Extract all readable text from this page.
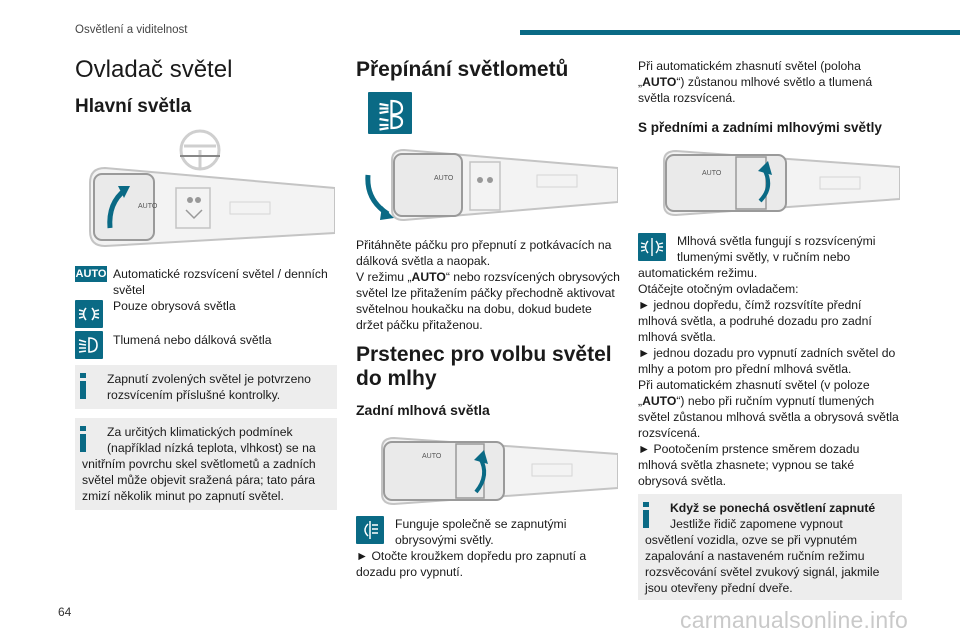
Osvětlení a viditelnost
Ovladač světel
Hlavní světla
AUTO
AUTO Automatické rozsvícení světel / denních
světel
Pouze obrysová světla
Tlumená nebo dálková světla
Zapnutí zvolených světel je potvrzeno
rozsvícením příslušné kontrolky.
Za určitých klimatických podmínek
(například nízká teplota, vlhkost) se na
vnitřním povrchu skel světlometů a zadních
světel může objevit sražená pára; tato pára
zmizí několik minut po zapnutí světel.
Přepínání světlometů
AUTO
Přitáhněte páčku pro přepnutí z potkávacích na
dálková světla a naopak.
V režimu „AUTO“ nebo rozsvícených obrysových
světel lze přitažením páčky přechodně aktivovat
světelnou houkačku na dobu, dokud budete
držet páčku přitaženou.
Prstenec pro volbu světel
do mlhy
Zadní mlhová světla
AUTO
Funguje společně se zapnutými
obrysovými světly.
► Otočte kroužkem dopředu pro zapnutí a
dozadu pro vypnutí.
Při automatickém zhasnutí světel (poloha
„AUTO“) zůstanou mlhové světlo a tlumená
světla rozsvícená.
S předními a zadními mlhovými světly
AUTO
Mlhová světla fungují s rozsvícenými
tlumenými světly, v ručním nebo
automatickém režimu.
Otáčejte otočným ovladačem:
► jednou dopředu, čímž rozsvítíte přední
mlhová světla, a podruhé dozadu pro zadní
mlhová světla.
► jednou dozadu pro vypnutí zadních světel do
mlhy a potom pro přední mlhová světla.
Při automatickém zhasnutí světel (v poloze
„AUTO“) nebo při ručním vypnutí tlumených
světel zůstanou mlhová světla a obrysová světla
rozsvícená.
► Pootočením prstence směrem dozadu
mlhová světla zhasnete; vypnou se také
obrysová světla.
Když se ponechá osvětlení zapnuté
Jestliže řidič zapomene vypnout
osvětlení vozidla, ozve se při vypnutém
zapalování a nastaveném ručním režimu
rozsvěcování světel zvukový signál, jakmile
jsou otevřeny přední dveře.
64	carmanualsonline.info
